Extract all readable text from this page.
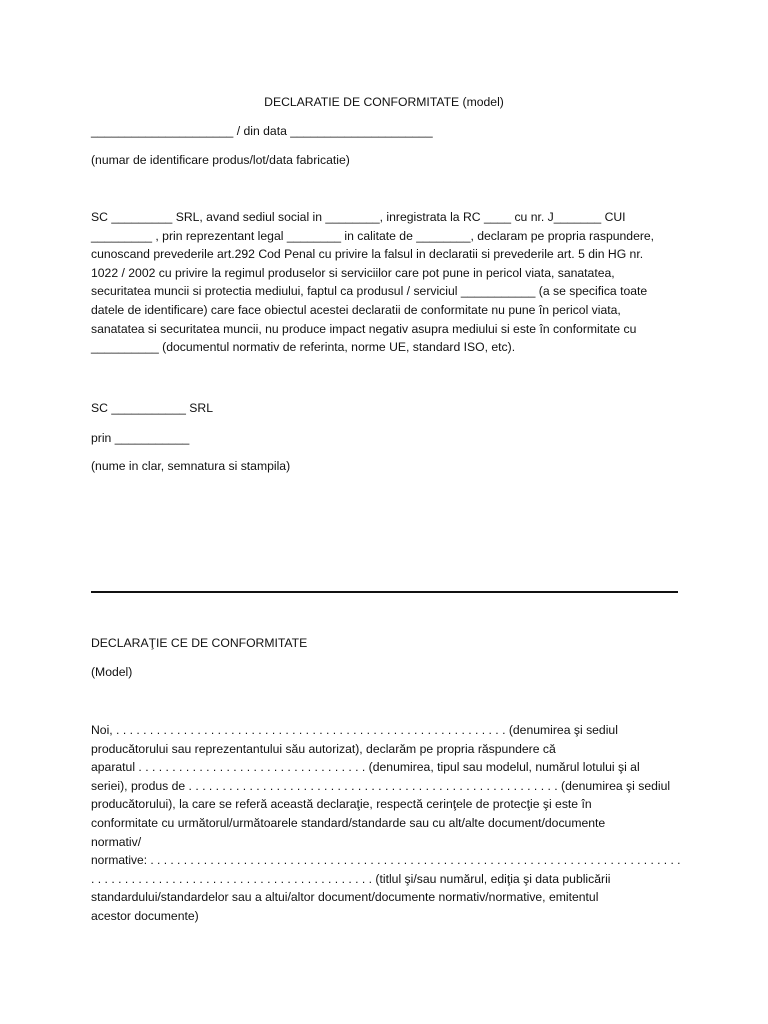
DECLARATIE DE CONFORMITATE (model)

_____________________ / din data _____________________

(numar de identificare produs/lot/data fabricatie)

SC _________ SRL, avand sediul social in ________, inregistrata la RC ____ cu nr. J_______ CUI
_________ , prin reprezentant legal ________ in calitate de ________, declaram pe propria raspundere,
cunoscand prevederile art.292 Cod Penal cu privire la falsul in declaratii si prevederile art. 5 din HG nr.
1022 / 2002 cu privire la regimul produselor si serviciilor care pot pune in pericol viata, sanatatea,
securitatea muncii si protectia mediului, faptul ca produsul / serviciul ___________ (a se specifica toate
datele de identificare) care face obiectul acestei declaratii de conformitate nu pune în pericol viata,
sanatatea si securitatea muncii, nu produce impact negativ asupra mediului si este în conformitate cu
__________ (documentul normativ de referinta, norme UE, standard ISO, etc).

SC ___________ SRL

prin ___________

(nume in clar, semnatura si stampila)

DECLARAŢIE CE DE CONFORMITATE

(Model)

Noi, . . . . . . . . . . . . . . . . . . . . . . . . . . . . . . . . . . . . . . . . . . . . . . . . . . . . . . . . . . (denumirea şi sediul
producătorului sau reprezentantului său autorizat), declarăm pe propria răspundere că
aparatul . . . . . . . . . . . . . . . . . . . . . . . . . . . . . . . . . . (denumirea, tipul sau modelul, numărul lotului şi al
seriei), produs de . . . . . . . . . . . . . . . . . . . . . . . . . . . . . . . . . . . . . . . . . . . . . . . . . . . . . . . (denumirea şi sediul
producătorului), la care se referă această declaraţie, respectă cerinţele de protecţie şi este în
conformitate cu următorul/următoarele standard/standarde sau cu alt/alte document/documente
normativ/
normative: . . . . . . . . . . . . . . . . . . . . . . . . . . . . . . . . . . . . . . . . . . . . . . . . . . . . . . . . . . . . . . . . . . . . . . . . . . . . . . . .
. . . . . . . . . . . . . . . . . . . . . . . . . . . . . . . . . . . . . . . . . . (titlul şi/sau numărul, ediţia şi data publicării
standardului/standardelor sau a altui/altor document/documente normativ/normative, emitentul
acestor documente)
